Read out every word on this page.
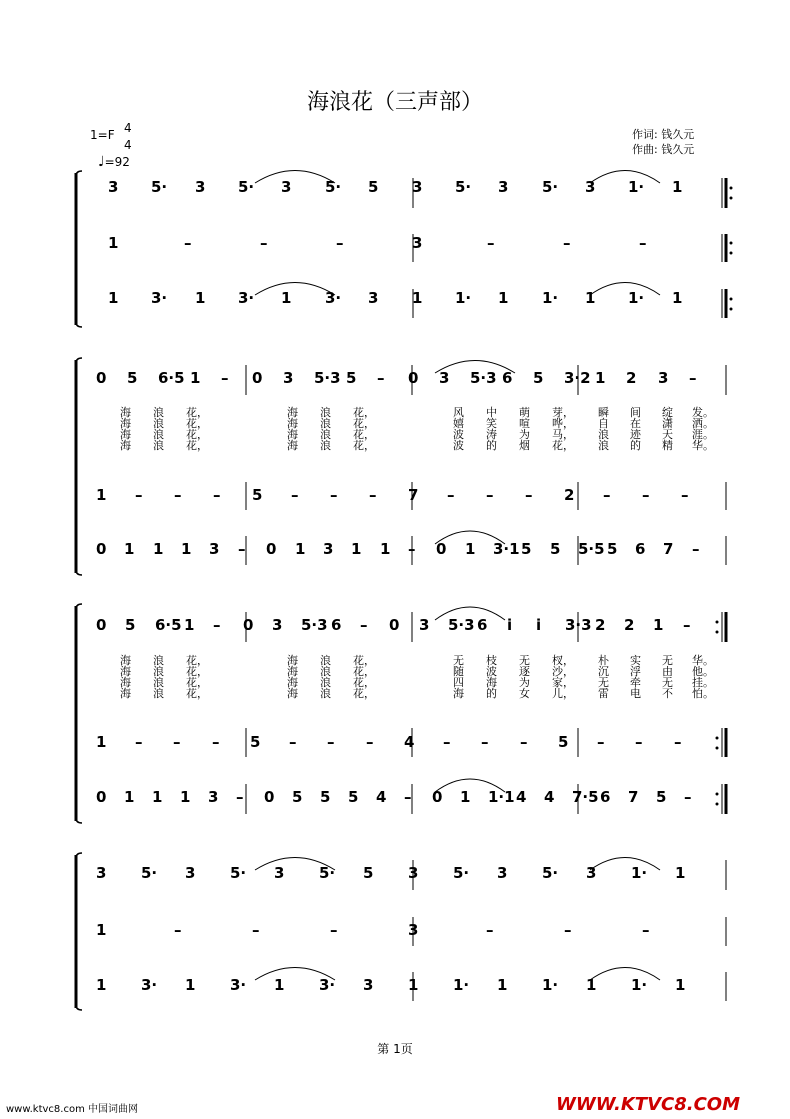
海浪花（三声部）
1=F 4
4
♩=92
作词: 钱久元
作曲: 钱久元
3 5· 3 5· 3 5· 5 3 5· 3 5· 3 1· 1
1	–	–	–	3	–	–	–
1 3· 1 3· 1 3· 3 1 1· 1 1· 1 1· 1
0 5 6·5 1 – 0 3 5·3 5 – 0 3 5·3 6 5 3·2 1 2 3 –
1 – – – 5 – – – 7 – – – 2 – – –
0 1 1 1 3 – 0 1 3 1 1 – 0 1 3·1 5 5 5·5 5 6 7 –
海 浪 花，	海 浪 花，	风 中 萌 芽， 瞬 间 绽 发。
海 浪 花，	海 浪 花，	嬉 笑 喧 哗， 自 在 潇 洒。
海 浪 花，	海 浪 花，	波 涛 为 马， 浪 迹 天 涯。
海 浪 花，	海 浪 花，	波 的 烟 花， 浪 的 精 华。
0 5 6·5 1 – 0 3 5·3 6 – 0 3 5·3 6 i i 3·3 2 2 1 –
1 – – – 5 – – – 4 – – – 5 – – –
0 1 1 1 3 – 0 5 5 5 4 – 0 1 1·1 4 4 7·5 6 7 5 –
海 浪 花，	海 浪 花，	无 枝 无 杈， 朴 实 无 华。
海 浪 花，	海 浪 花，	随 波 逐 沙， 沉 浮 由 他。
海 浪 花，	海 浪 花，	四 海 为 家， 无 牵 无 挂。
海 浪 花，	海 浪 花，	海 的 女 儿， 雷 电 不 怕。
3 5· 3 5· 3 5· 5 3 5· 3 5· 3 1· 1
1	–	–	–	3	–	–	–
1 3· 1 3· 1 3· 3 1 1· 1 1· 1 1· 1
第 1页
www.ktvc8.com 中国词曲网	WWW.KTVC8.COM
